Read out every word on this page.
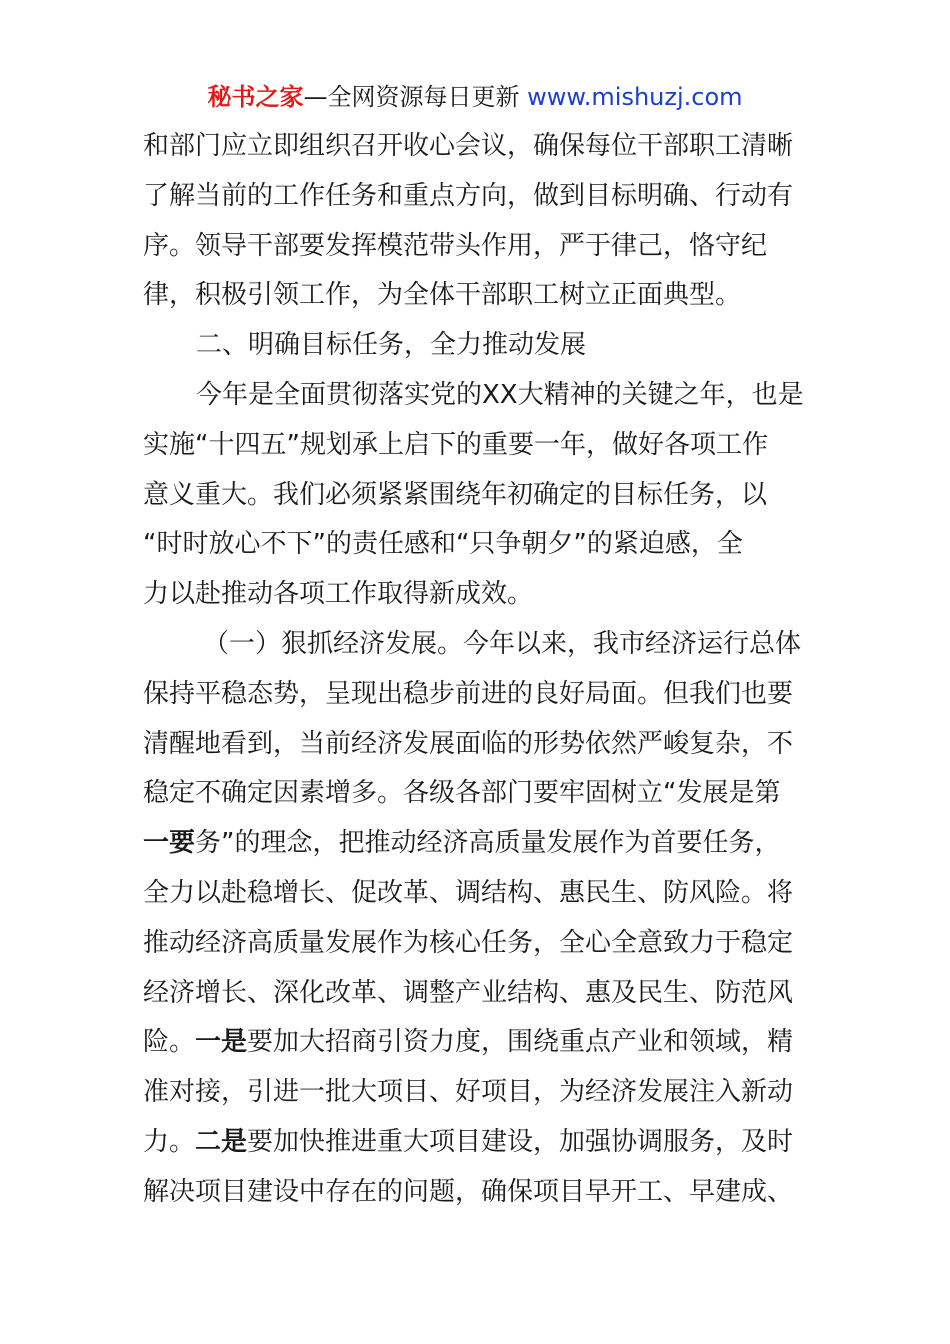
秘书之家—全网资源每日更新 www.mishuzj.com
和部门应立即组织召开收心会议，确保每位干部职工清晰
了解当前的工作任务和重点方向，做到目标明确、行动有
序。领导干部要发挥模范带头作用，严于律己，恪守纪
律，积极引领工作，为全体干部职工树立正面典型。
二、明确目标任务，全力推动发展
今年是全面贯彻落实党的XX大精神的关键之年，也是
实施“十四五”规划承上启下的重要一年，做好各项工作
意义重大。我们必须紧紧围绕年初确定的目标任务，以
“时时放心不下”的责任感和“只争朝夕”的紧迫感，全
力以赴推动各项工作取得新成效。
（一）狠抓经济发展。今年以来，我市经济运行总体
保持平稳态势，呈现出稳步前进的良好局面。但我们也要
清醒地看到，当前经济发展面临的形势依然严峻复杂，不
稳定不确定因素增多。各级各部门要牢固树立“发展是第
一要务”的理念，把推动经济高质量发展作为首要任务，
全力以赴稳增长、促改革、调结构、惠民生、防风险。将
推动经济高质量发展作为核心任务，全心全意致力于稳定
经济增长、深化改革、调整产业结构、惠及民生、防范风
险。一是要加大招商引资力度，围绕重点产业和领域，精
准对接，引进一批大项目、好项目，为经济发展注入新动
力。二是要加快推进重大项目建设，加强协调服务，及时
解决项目建设中存在的问题，确保项目早开工、早建成、
